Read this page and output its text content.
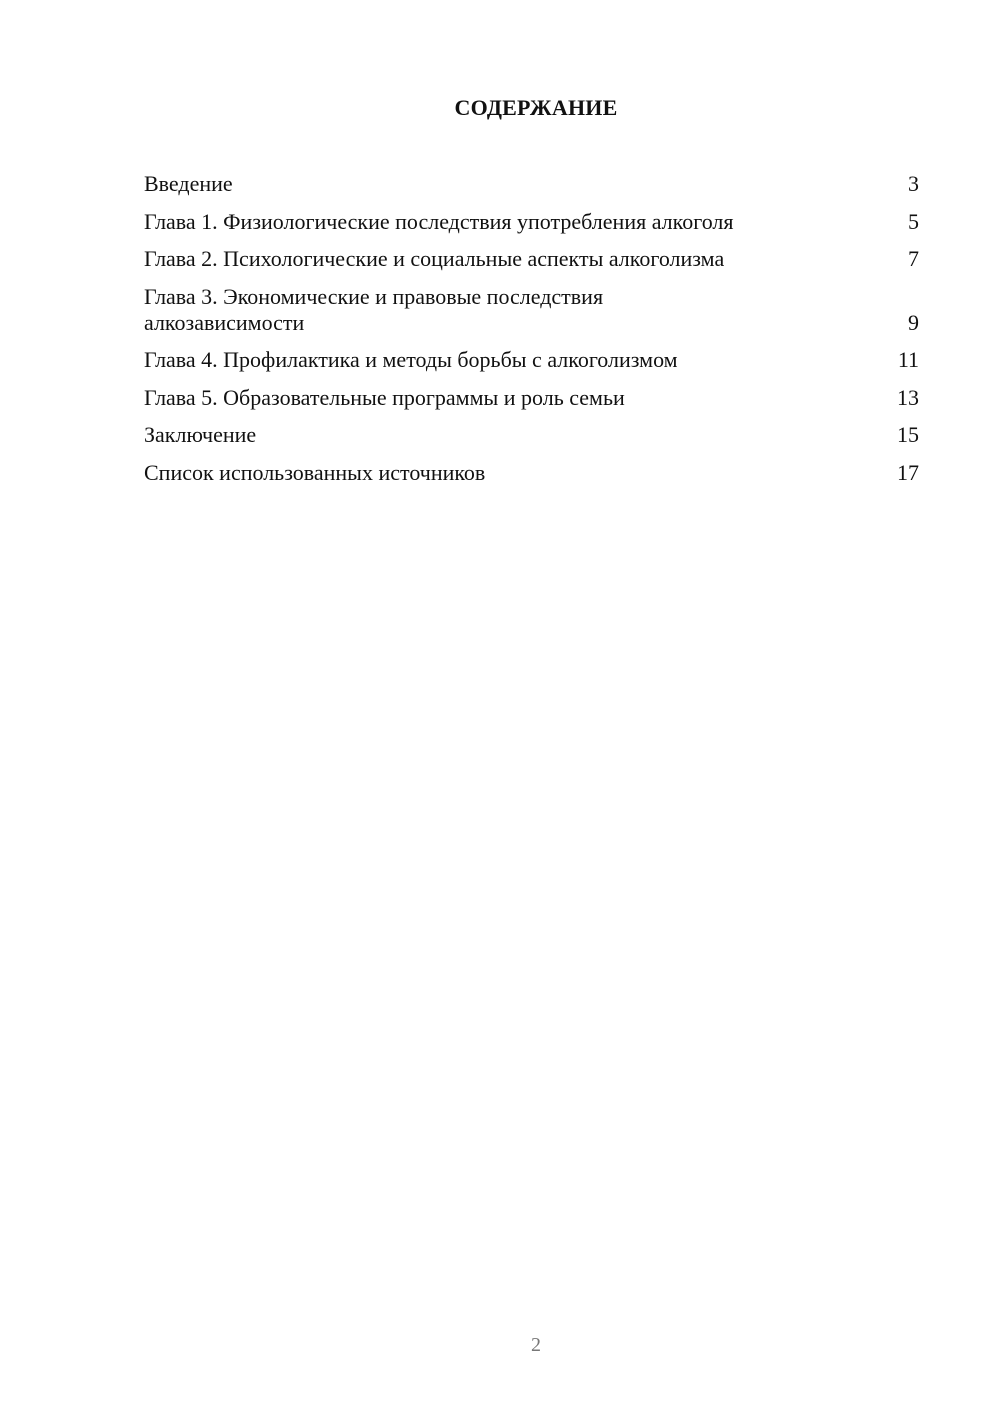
СОДЕРЖАНИЕ
Введение	3
Глава 1. Физиологические последствия употребления алкоголя	5
Глава 2. Психологические и социальные аспекты алкоголизма	7
Глава 3. Экономические и правовые последствия алкозависимости	9
Глава 4. Профилактика и методы борьбы с алкоголизмом	11
Глава 5. Образовательные программы и роль семьи	13
Заключение	15
Список использованных источников	17
2
